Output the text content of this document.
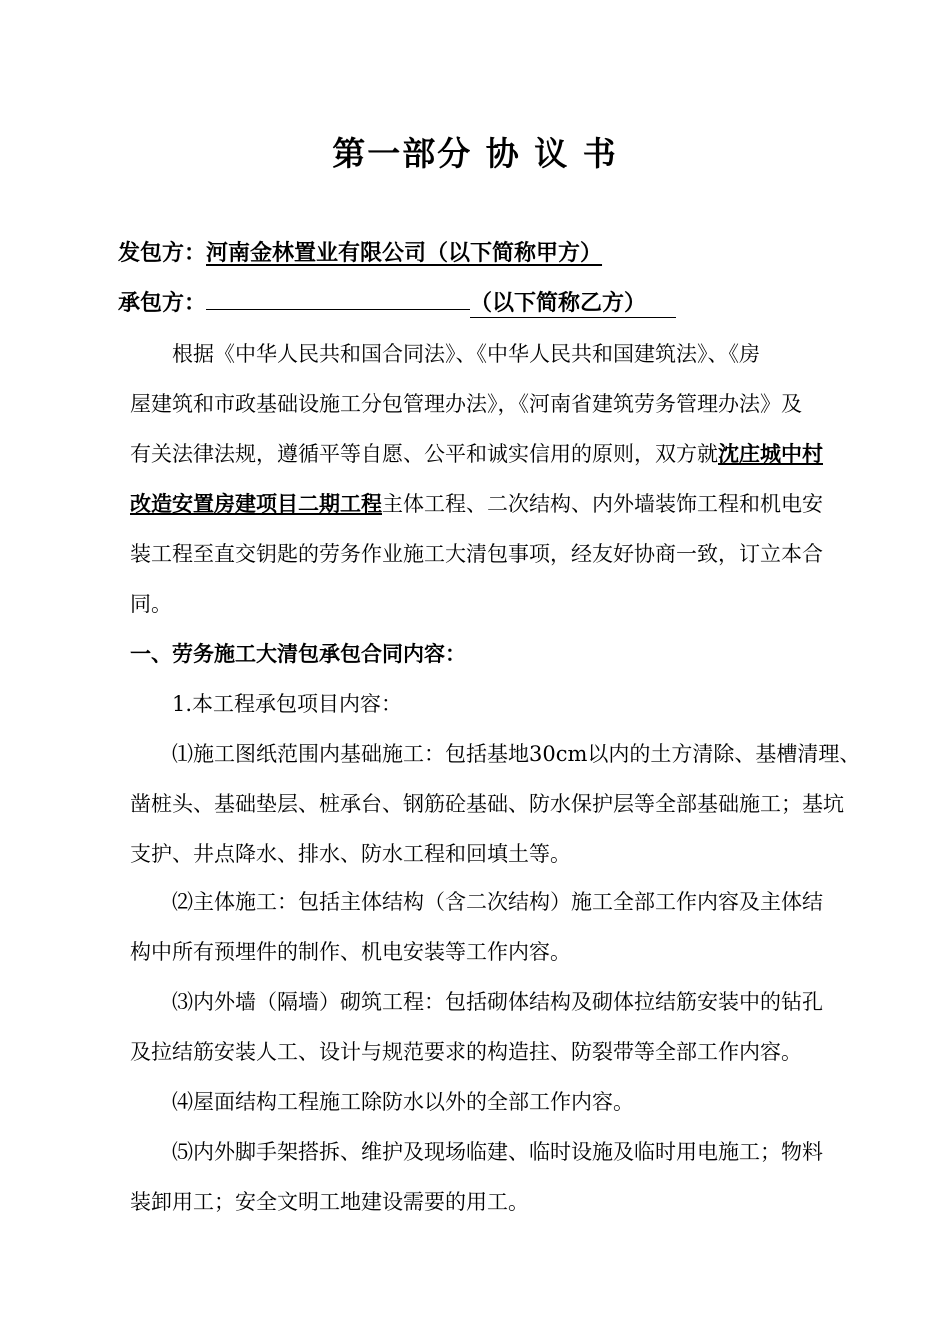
第一部分 协 议 书
发包方：河南金林置业有限公司（以下简称甲方）
承包方：	（以下简称乙方）
根据《中华人民共和国合同法》、《中华人民共和国建筑法》、《房
屋建筑和市政基础设施工分包管理办法》，《河南省建筑劳务管理办法》及
有关法律法规，遵循平等自愿、公平和诚实信用的原则，双方就沈庄城中村
改造安置房建项目二期工程主体工程、二次结构、内外墙装饰工程和机电安
装工程至直交钥匙的劳务作业施工大清包事项，经友好协商一致，订立本合
同。
一、劳务施工大清包承包合同内容：
1.本工程承包项目内容：
⑴施工图纸范围内基础施工：包括基地30cm以内的土方清除、基槽清理、
凿桩头、基础垫层、桩承台、钢筋砼基础、防水保护层等全部基础施工；基坑
支护、井点降水、排水、防水工程和回填土等。
⑵主体施工：包括主体结构（含二次结构）施工全部工作内容及主体结
构中所有预埋件的制作、机电安装等工作内容。
⑶内外墙（隔墙）砌筑工程：包括砌体结构及砌体拉结筋安装中的钻孔
及拉结筋安装人工、设计与规范要求的构造拄、防裂带等全部工作内容。
⑷屋面结构工程施工除防水以外的全部工作内容。
⑸内外脚手架搭拆、维护及现场临建、临时设施及临时用电施工；物料
装卸用工；安全文明工地建设需要的用工。
